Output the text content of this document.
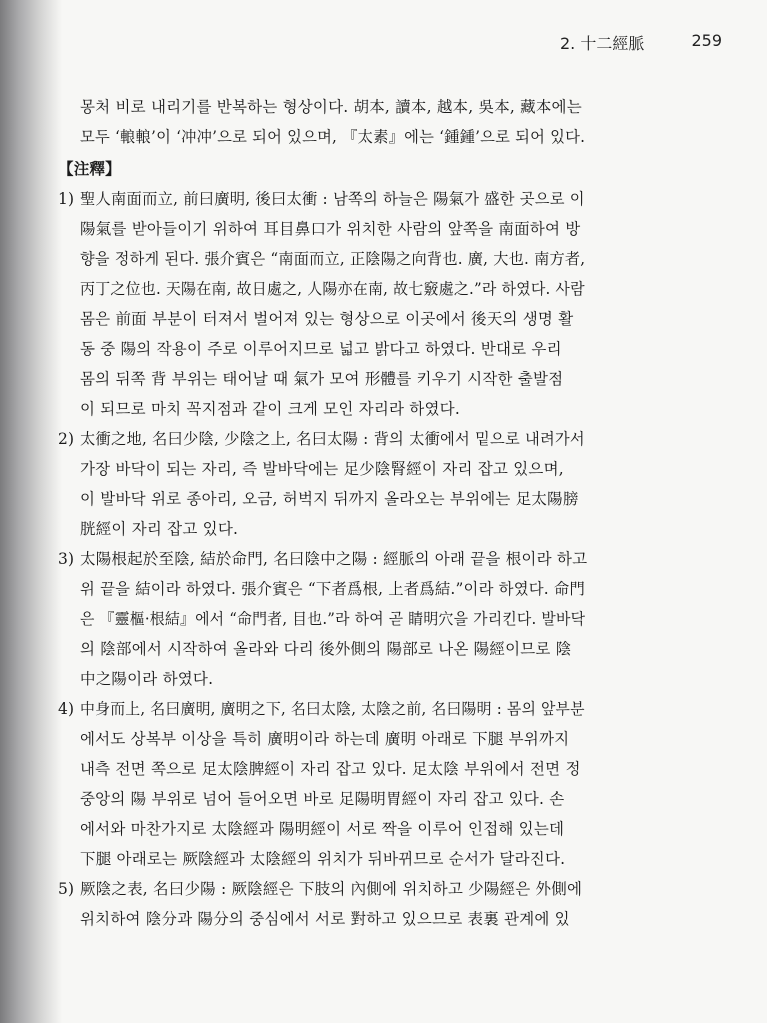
2. 十二經脈	259
몽처 비로 내리기를 반복하는 형상이다. 胡本, 讀本, 越本, 吳本, 藏本에는
모두 ‘䡙䡙’이 ‘冲冲’으로 되어 있으며, 『太素』에는 ‘鍾鍾’으로 되어 있다.
【注釋】
1) 聖人南面而立, 前曰廣明, 後曰太衝 : 남쪽의 하늘은 陽氣가 盛한 곳으로 이
陽氣를 받아들이기 위하여 耳目鼻口가 위치한 사람의 앞쪽을 南面하여 방
향을 정하게 된다. 張介賓은 “南面而立, 正陰陽之向背也. 廣, 大也. 南方者,
丙丁之位也. 天陽在南, 故日處之, 人陽亦在南, 故七竅處之.”라 하였다. 사람
몸은 前面 부분이 터져서 벌어져 있는 형상으로 이곳에서 後天의 생명 활
동 중 陽의 작용이 주로 이루어지므로 넓고 밝다고 하였다. 반대로 우리
몸의 뒤쪽 背 부위는 태어날 때 氣가 모여 形體를 키우기 시작한 출발점
이 되므로 마치 꼭지점과 같이 크게 모인 자리라 하였다.
2) 太衝之地, 名曰少陰, 少陰之上, 名曰太陽 : 背의 太衝에서 밑으로 내려가서
가장 바닥이 되는 자리, 즉 발바닥에는 足少陰腎經이 자리 잡고 있으며,
이 발바닥 위로 종아리, 오금, 허벅지 뒤까지 올라오는 부위에는 足太陽膀
胱經이 자리 잡고 있다.
3) 太陽根起於至陰, 結於命門, 名曰陰中之陽 : 經脈의 아래 끝을 根이라 하고
위 끝을 結이라 하였다. 張介賓은 “下者爲根, 上者爲結.”이라 하였다. 命門
은 『靈樞·根結』에서 “命門者, 目也.”라 하여 곧 睛明穴을 가리킨다. 발바닥
의 陰部에서 시작하여 올라와 다리 後外側의 陽部로 나온 陽經이므로 陰
中之陽이라 하였다.
4) 中身而上, 名曰廣明, 廣明之下, 名曰太陰, 太陰之前, 名曰陽明 : 몸의 앞부분
에서도 상복부 이상을 특히 廣明이라 하는데 廣明 아래로 下腿 부위까지
내측 전면 쪽으로 足太陰脾經이 자리 잡고 있다. 足太陰 부위에서 전면 정
중앙의 陽 부위로 넘어 들어오면 바로 足陽明胃經이 자리 잡고 있다. 손
에서와 마찬가지로 太陰經과 陽明經이 서로 짝을 이루어 인접해 있는데
下腿 아래로는 厥陰經과 太陰經의 위치가 뒤바뀌므로 순서가 달라진다.
5) 厥陰之表, 名曰少陽 : 厥陰經은 下肢의 內側에 위치하고 少陽經은 外側에
위치하여 陰分과 陽分의 중심에서 서로 對하고 있으므로 表裏 관계에 있
